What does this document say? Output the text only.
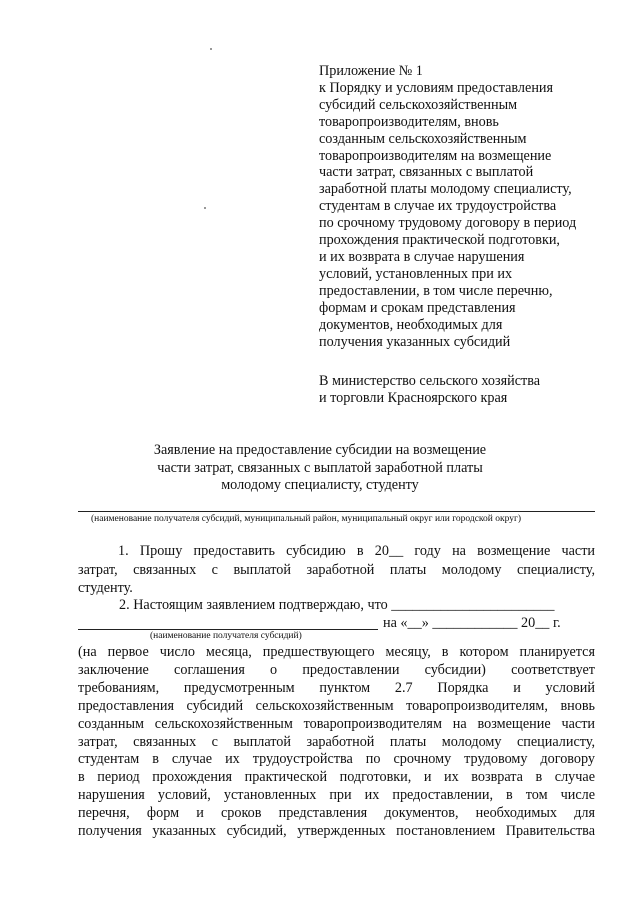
Приложение № 1
к Порядку и условиям предоставления
субсидий сельскохозяйственным
товаропроизводителям, вновь
созданным сельскохозяйственным
товаропроизводителям на возмещение
части затрат, связанных с выплатой
заработной платы молодому специалисту,
студентам в случае их трудоустройства
по срочному трудовому договору в период
прохождения практической подготовки,
и их возврата в случае нарушения
условий, установленных при их
предоставлении, в том числе перечню,
формам и срокам представления
документов, необходимых для
получения указанных субсидий
В министерство сельского хозяйства
и торговли Красноярского края
Заявление на предоставление субсидии на возмещение
части затрат, связанных с выплатой заработной платы
молодому специалисту, студенту
(наименование получателя субсидий, муниципальный район, муниципальный округ или городской округ)
1. Прошу предоставить субсидию в 20__ году на возмещение части
затрат, связанных с выплатой заработной платы молодому специалисту,
студенту.
2. Настоящим заявлением подтверждаю, что _______________________
на «__» ____________ 20__ г.
(наименование получателя субсидий)
(на первое число месяца, предшествующего месяцу, в котором планируется
заключение соглашения о предоставлении субсидии) соответствует
требованиям, предусмотренным пунктом 2.7 Порядка и условий
предоставления субсидий сельскохозяйственным товаропроизводителям, вновь
созданным сельскохозяйственным товаропроизводителям на возмещение части
затрат, связанных с выплатой заработной платы молодому специалисту,
студентам в случае их трудоустройства по срочному трудовому договору
в период прохождения практической подготовки, и их возврата в случае
нарушения условий, установленных при их предоставлении, в том числе
перечня, форм и сроков представления документов, необходимых для
получения указанных субсидий, утвержденных постановлением Правительства
